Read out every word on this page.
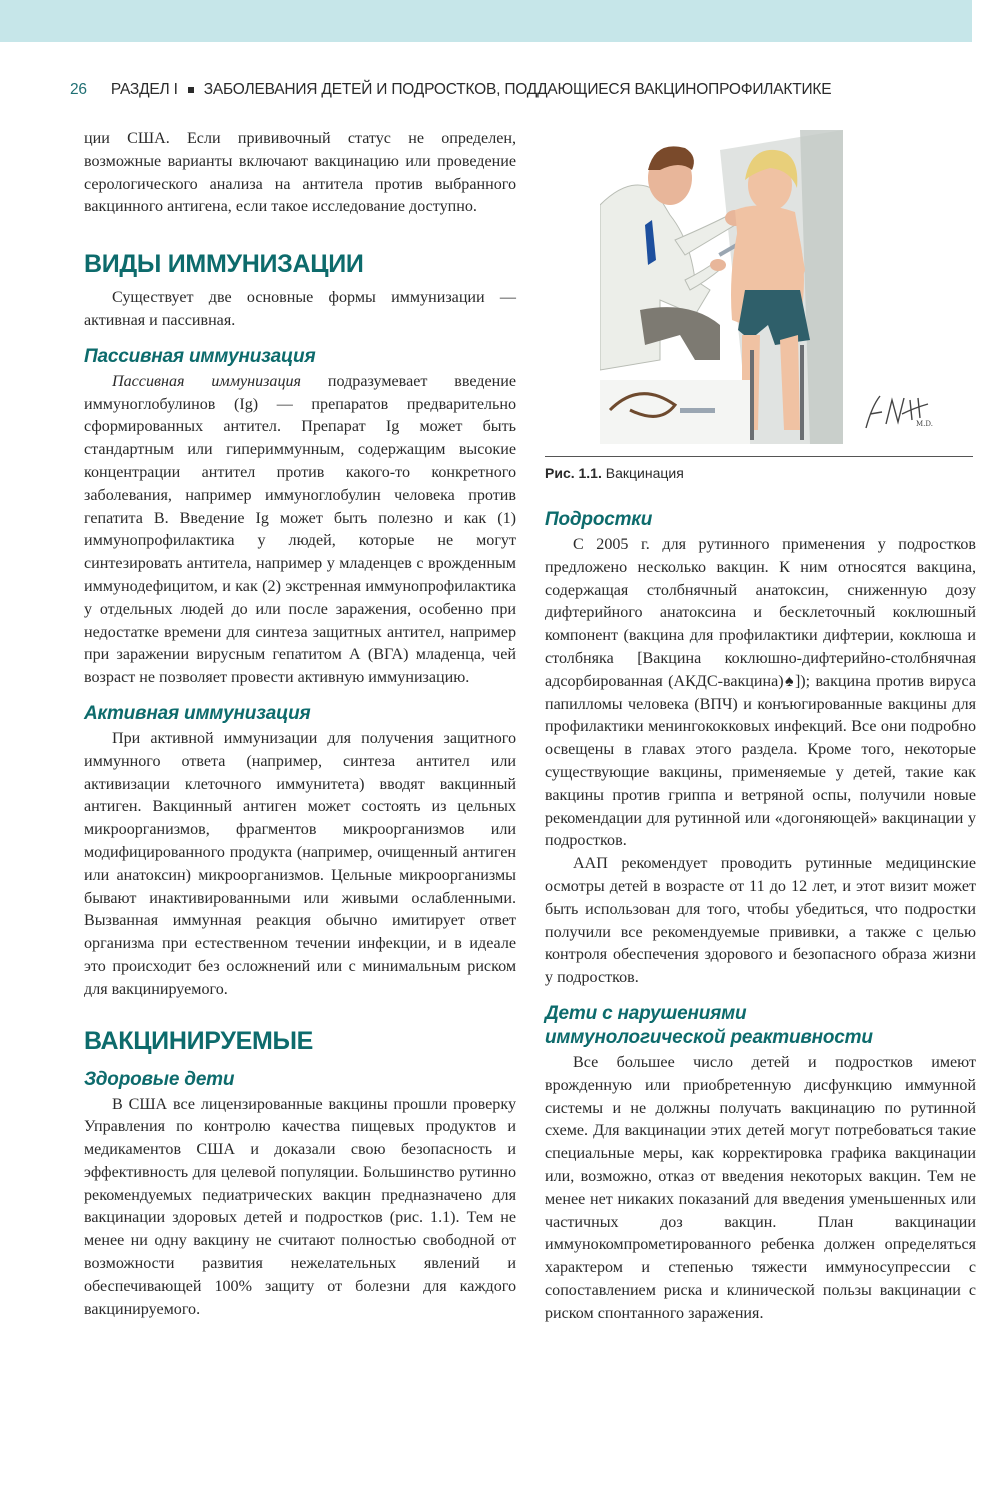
26 РАЗДЕЛ I ЗАБОЛЕВАНИЯ ДЕТЕЙ И ПОДРОСТКОВ, ПОДДАЮЩИЕСЯ ВАКЦИНОПРОФИЛАКТИКЕ

ции США. Если прививочный статус не определен, возможные варианты включают вакцинацию или проведение серологического анализа на антитела против выбранного вакцинного антигена, если такое исследование доступно.

ВИДЫ ИММУНИЗАЦИИ

Существует две основные формы иммунизации — активная и пассивная.

Пассивная иммунизация

Пассивная иммунизация подразумевает введение иммуноглобулинов (Ig) — препаратов предварительно сформированных антител. Препарат Ig может быть стандартным или гипериммунным, содержащим высокие концентрации антител против какого-то конкретного заболевания, например иммуноглобулин человека против гепатита B. Введение Ig может быть полезно и как (1) иммунопрофилактика у людей, которые не могут синтезировать антитела, например у младенцев с врожденным иммунодефицитом, и как (2) экстренная иммунопрофилактика у отдельных людей до или после заражения, особенно при недостатке времени для синтеза защитных антител, например при заражении вирусным гепатитом А (ВГА) младенца, чей возраст не позволяет провести активную иммунизацию.

Активная иммунизация

При активной иммунизации для получения защитного иммунного ответа (например, синтеза антител или активизации клеточного иммунитета) вводят вакцинный антиген. Вакцинный антиген может состоять из цельных микроорганизмов, фрагментов микроорганизмов или модифицированного продукта (например, очищенный антиген или анатоксин) микроорганизмов. Цельные микроорганизмы бывают инактивированными или живыми ослабленными. Вызванная иммунная реакция обычно имитирует ответ организма при естественном течении инфекции, и в идеале это происходит без осложнений или с минимальным риском для вакцинируемого.

ВАКЦИНИРУЕМЫЕ
Здоровые дети

В США все лицензированные вакцины прошли проверку Управления по контролю качества пищевых продуктов и медикаментов США и доказали свою безопасность и эффективность для целевой популяции. Большинство рутинно рекомендуемых педиатрических вакцин предназначено для вакцинации здоровых детей и подростков (рис. 1.1). Тем не менее ни одну вакцину не считают полностью свободной от возможности развития нежелательных явлений и обеспечивающей 100% защиту от болезни для каждого вакцинируемого.

M.D.
Рис. 1.1. Вакцинация
Подростки

С 2005 г. для рутинного применения у подростков предложено несколько вакцин. К ним относятся вакцина, содержащая столбнячный анатоксин, сниженную дозу дифтерийного анатоксина и бесклеточный коклюшный компонент (вакцина для профилактики дифтерии, коклюша и столбняка [Вакцина коклюшно-дифтерийно-столбнячная адсорбированная (АКДС-вакцина)♠]); вакцина против вируса папилломы человека (ВПЧ) и конъюгированные вакцины для профилактики менингококковых инфекций. Все они подробно освещены в главах этого раздела. Кроме того, некоторые существующие вакцины, применяемые у детей, такие как вакцины против гриппа и ветряной оспы, получили новые рекомендации для рутинной или «догоняющей» вакцинации у подростков.

ААП рекомендует проводить рутинные медицинские осмотры детей в возрасте от 11 до 12 лет, и этот визит может быть использован для того, чтобы убедиться, что подростки получили все рекомендуемые прививки, а также с целью контроля обеспечения здорового и безопасного образа жизни у подростков.

Дети с нарушениями
иммунологической реактивности

Все большее число детей и подростков имеют врожденную или приобретенную дисфункцию иммунной системы и не должны получать вакцинацию по рутинной схеме. Для вакцинации этих детей могут потребоваться такие специальные меры, как корректировка графика вакцинации или, возможно, отказ от введения некоторых вакцин. Тем не менее нет никаких показаний для введения уменьшенных или частичных доз вакцин. План вакцинации иммунокомпрометированного ребенка должен определяться характером и степенью тяжести иммуносупрессии с сопоставлением риска и клинической пользы вакцинации с риском спонтанного заражения.
